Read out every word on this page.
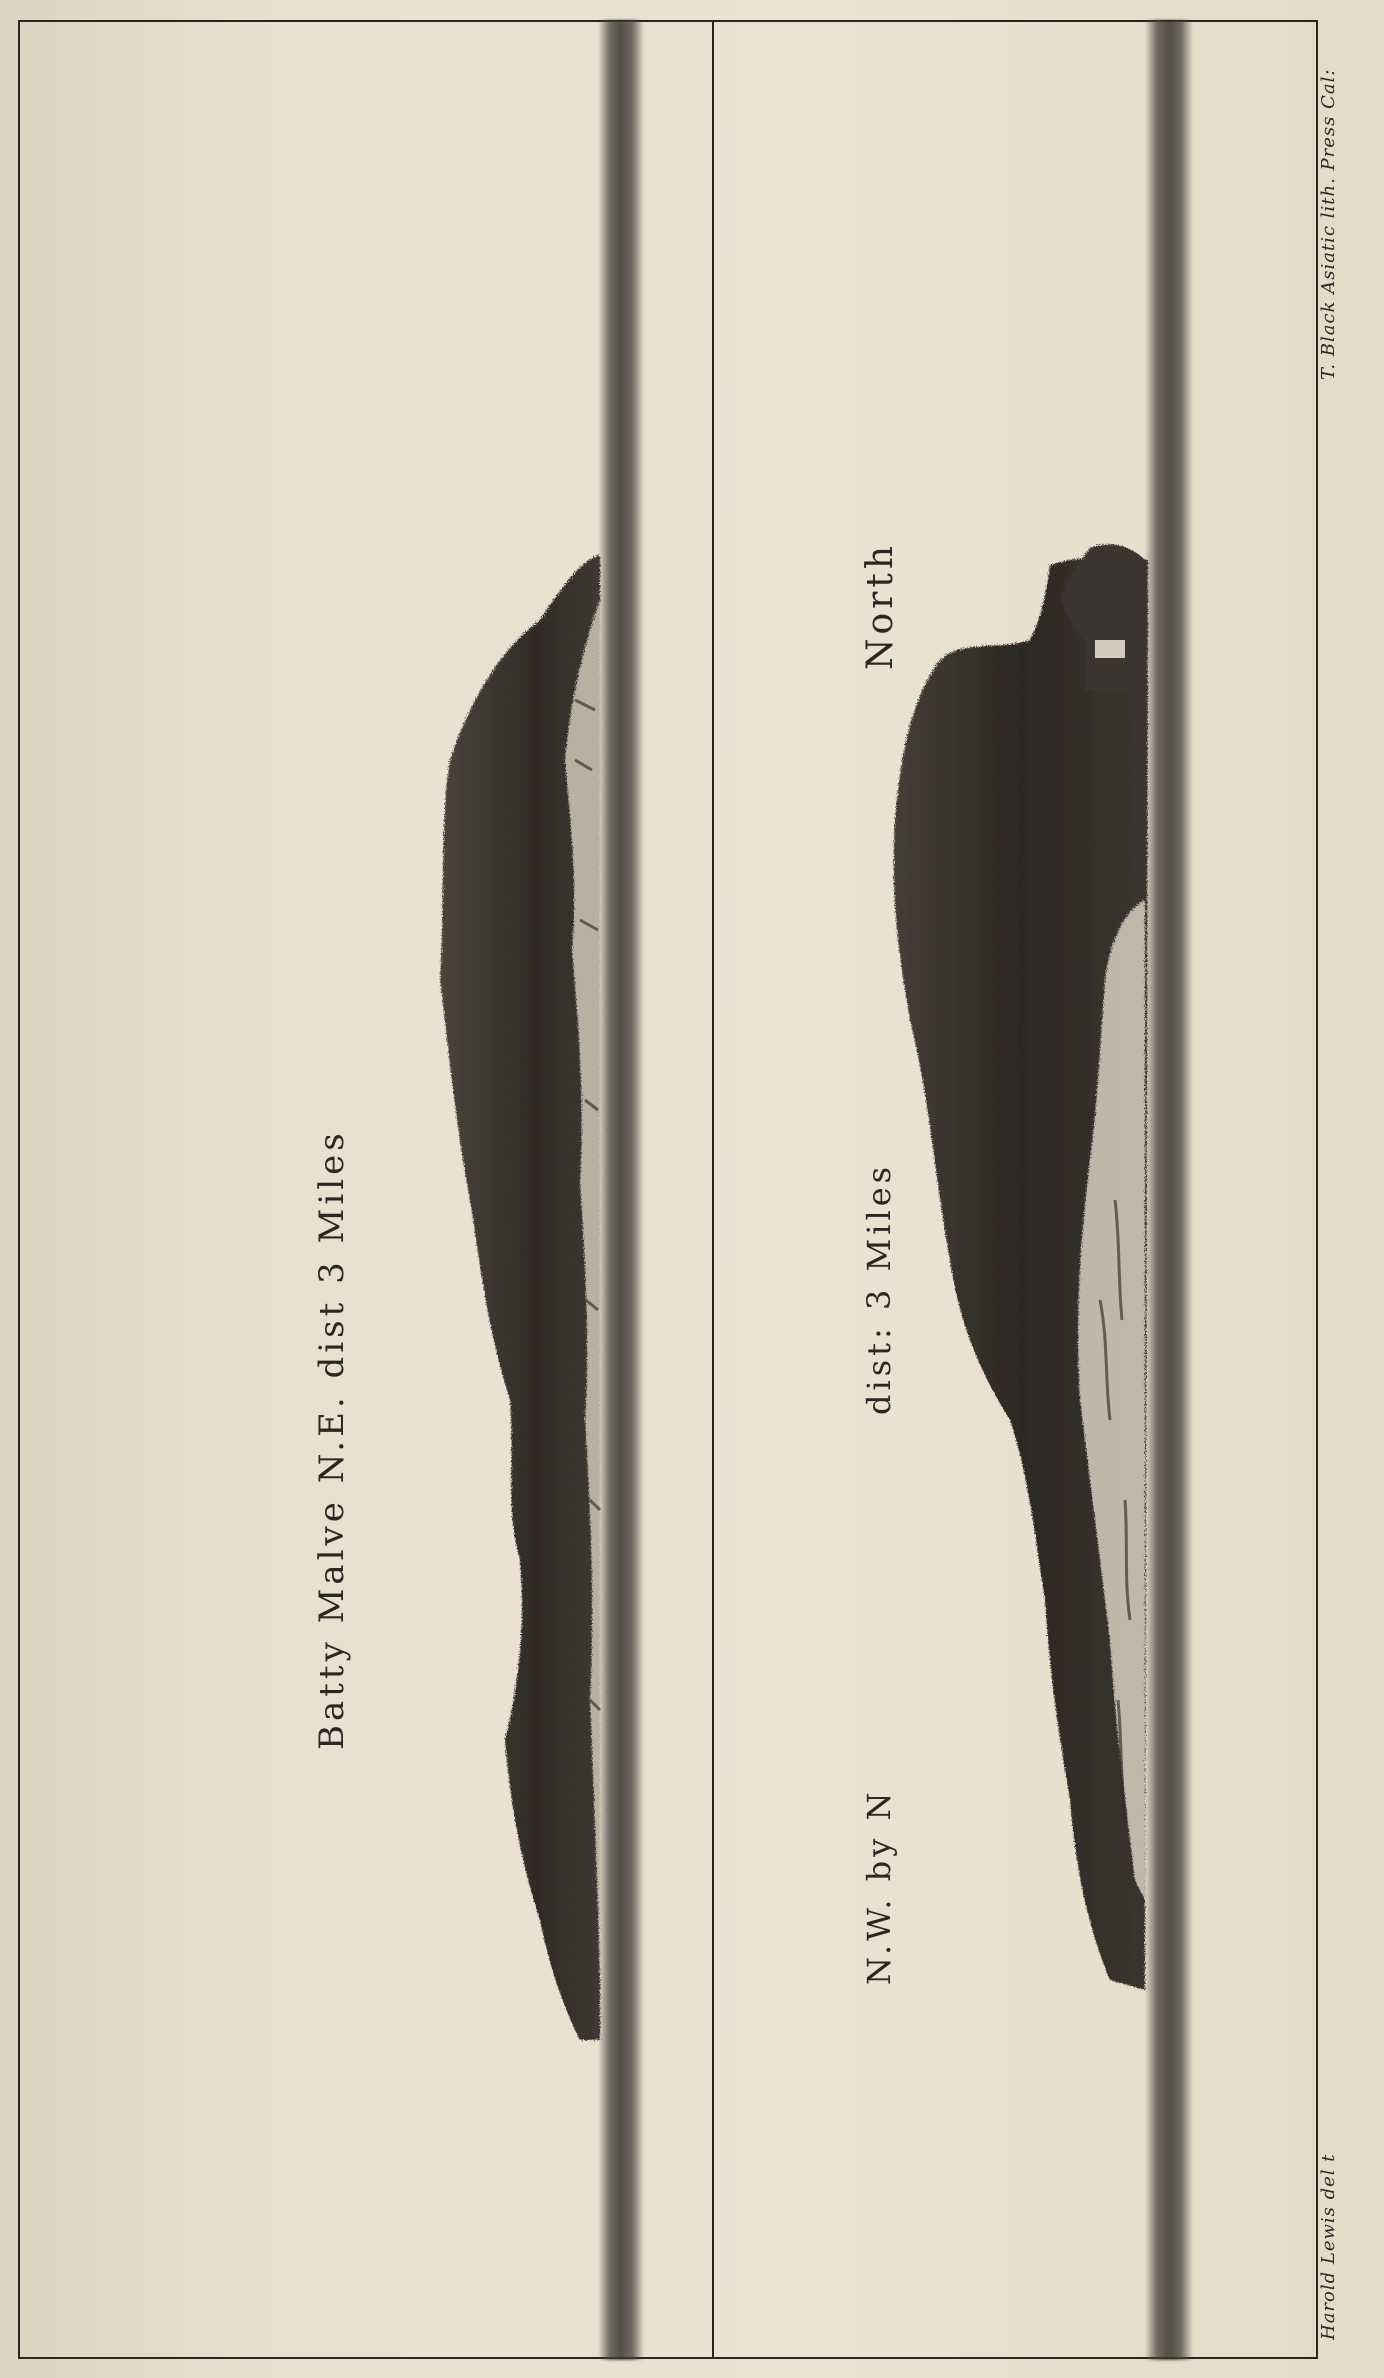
Batty Malve N.E. dist 3 Miles
N.W. by N
dist: 3 Miles
North
Harold Lewis del t
T. Black Asiatic lith. Press Cal:
